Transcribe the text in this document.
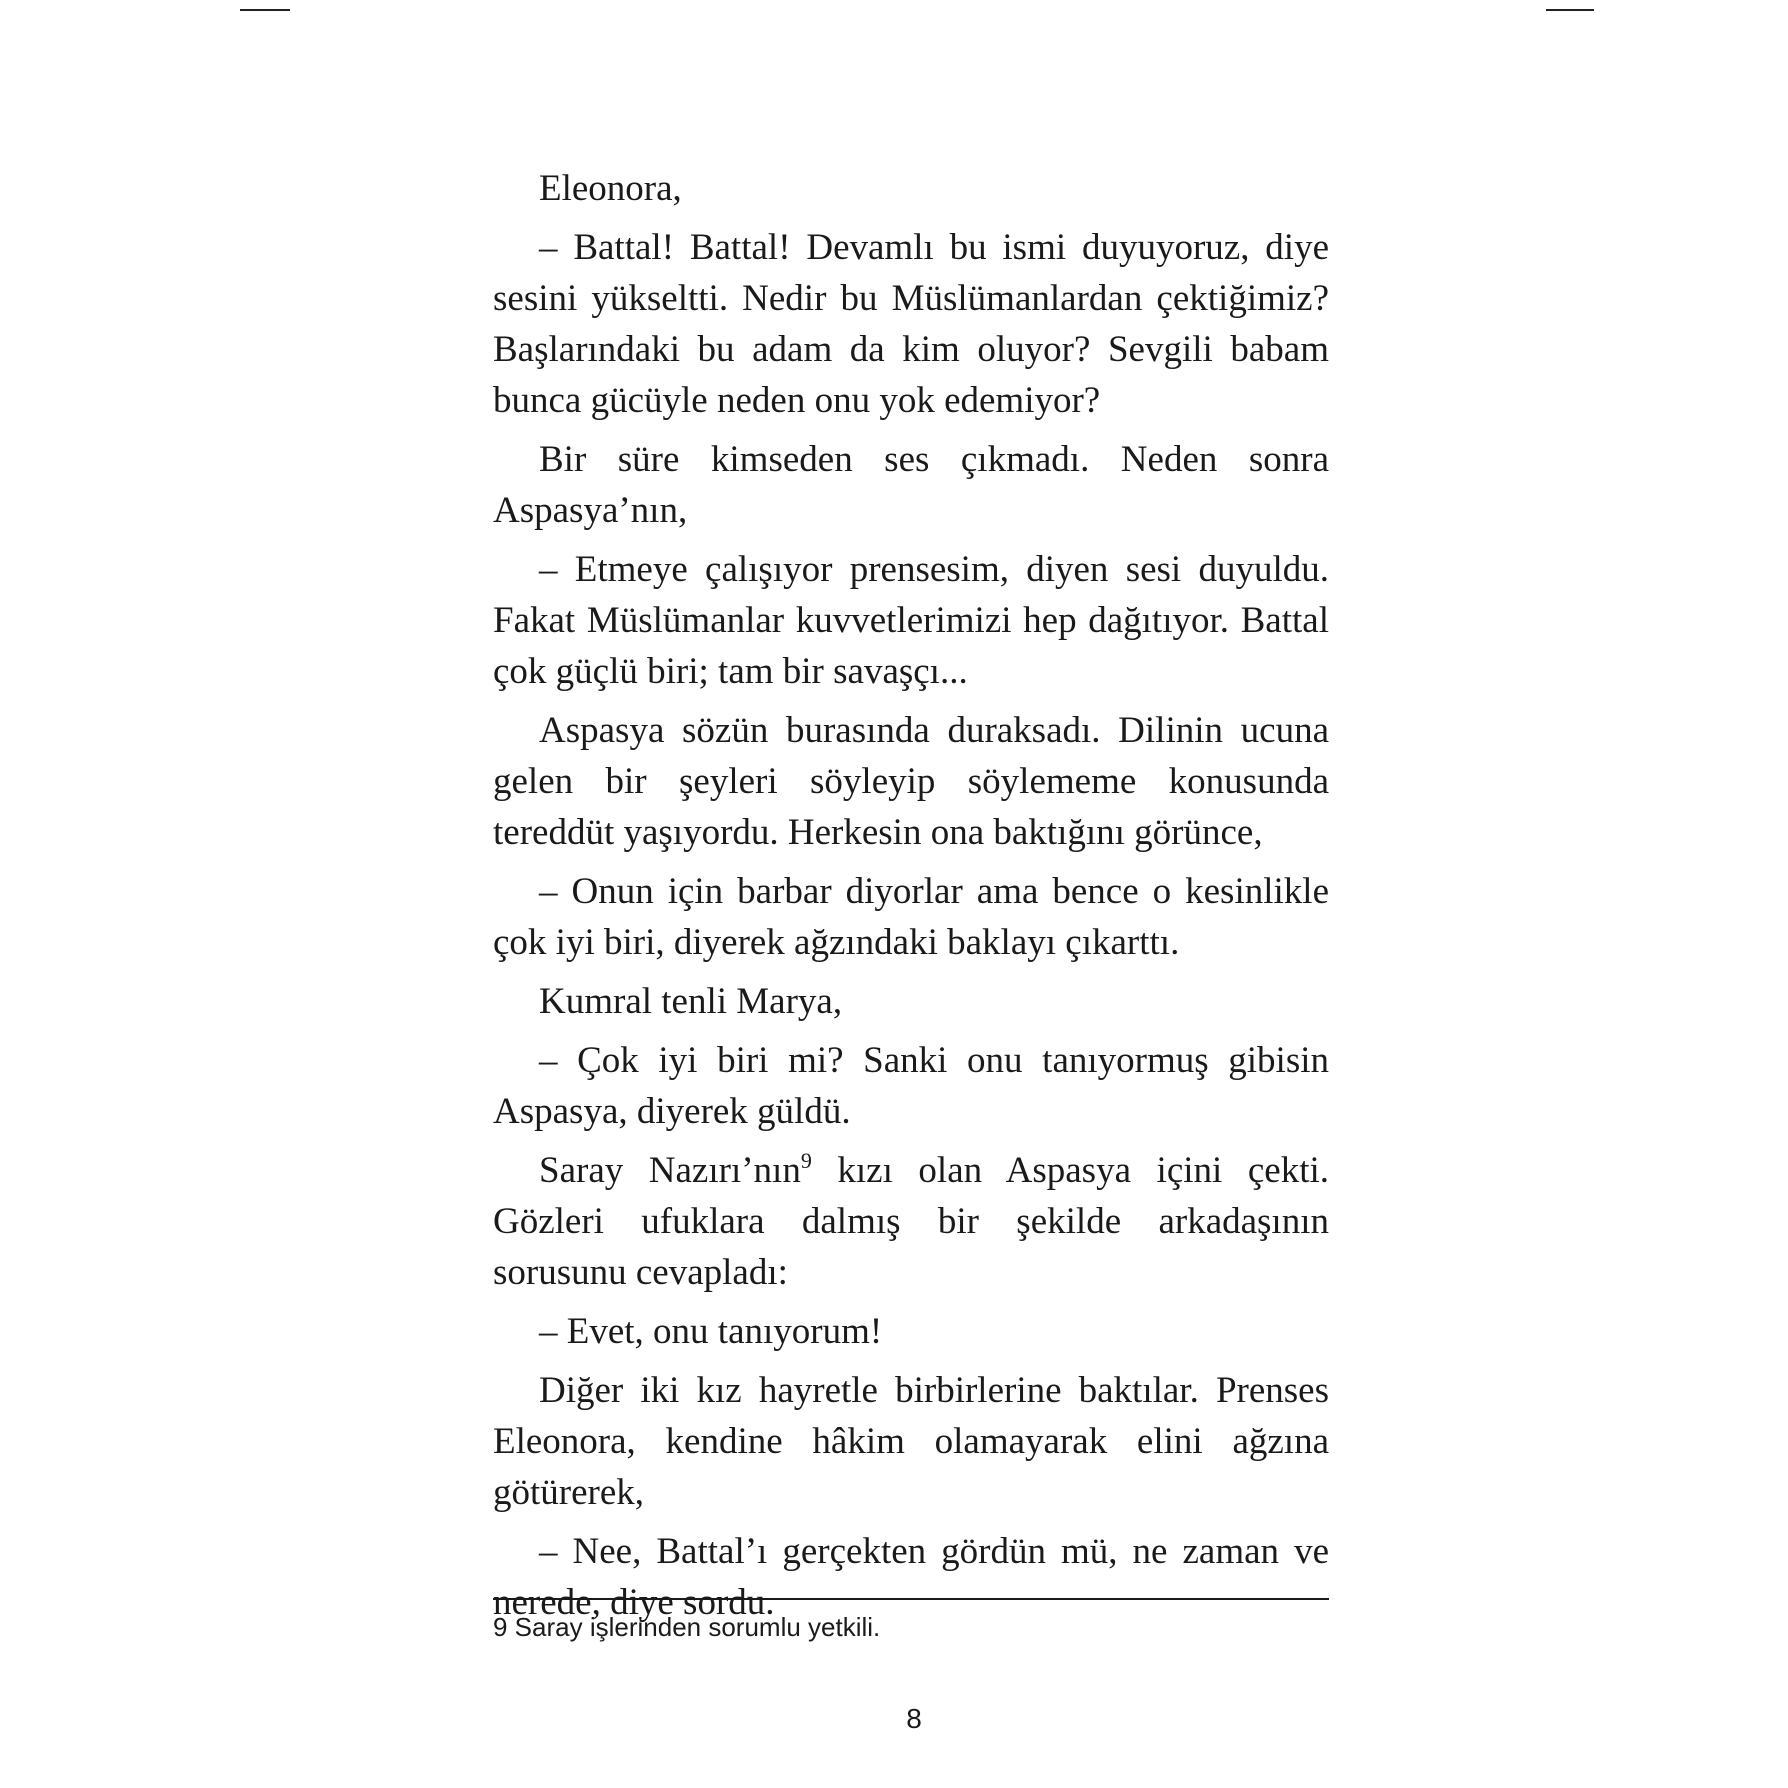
Eleonora,

– Battal! Battal! Devamlı bu ismi duyuyoruz, diye sesini yükseltti. Nedir bu Müslümanlardan çektiğimiz? Başlarındaki bu adam da kim oluyor? Sevgili babam bunca gücüyle neden onu yok edemiyor?

Bir süre kimseden ses çıkmadı. Neden sonra Aspasya’nın,

– Etmeye çalışıyor prensesim, diyen sesi duyuldu. Fakat Müslümanlar kuvvetlerimizi hep dağıtıyor. Battal çok güçlü biri; tam bir savaşçı...

Aspasya sözün burasında duraksadı. Dilinin ucuna gelen bir şeyleri söyleyip söylememe konusunda tereddüt yaşıyordu. Herkesin ona baktığını görünce,

– Onun için barbar diyorlar ama bence o kesinlikle çok iyi biri, diyerek ağzındaki baklayı çıkarttı.

Kumral tenli Marya,

– Çok iyi biri mi? Sanki onu tanıyormuş gibisin Aspasya, diyerek güldü.

Saray Nazırı’nın$^9$ kızı olan Aspasya içini çekti. Gözleri ufuklara dalmış bir şekilde arkadaşının sorusunu cevapladı:

– Evet, onu tanıyorum!

Diğer iki kız hayretle birbirlerine baktılar. Prenses Eleonora, kendine hâkim olamayarak elini ağzına götürerek,

– Nee, Battal’ı gerçekten gördün mü, ne zaman ve nerede, diye sordu.

9 Saray işlerinden sorumlu yetkili.
8
